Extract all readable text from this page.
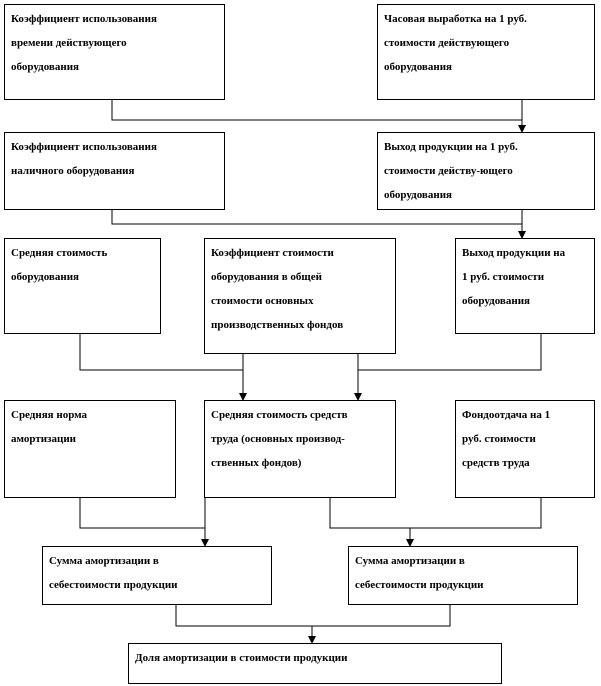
Коэффициент использования
времени действующего
оборудования
Часовая выработка на 1 руб.
стоимости действующего
оборудования
Коэффициент использования
наличного оборудования
Выход продукции на 1 руб.
стоимости действу-ющего
оборудования
Средняя стоимость
оборудования
Коэффициент стоимости
оборудования в общей
стоимости основных
производственных фондов
Выход продукции на
1 руб. стоимости
оборудования
Средняя норма
амортизации
Средняя стоимость средств
труда (основных производ-
ственных фондов)
Фондоотдача на 1
руб. стоимости
средств труда
Сумма амортизации в
себестоимости продукции
Сумма амортизации в
себестоимости продукции
Доля амортизации в стоимости продукции
